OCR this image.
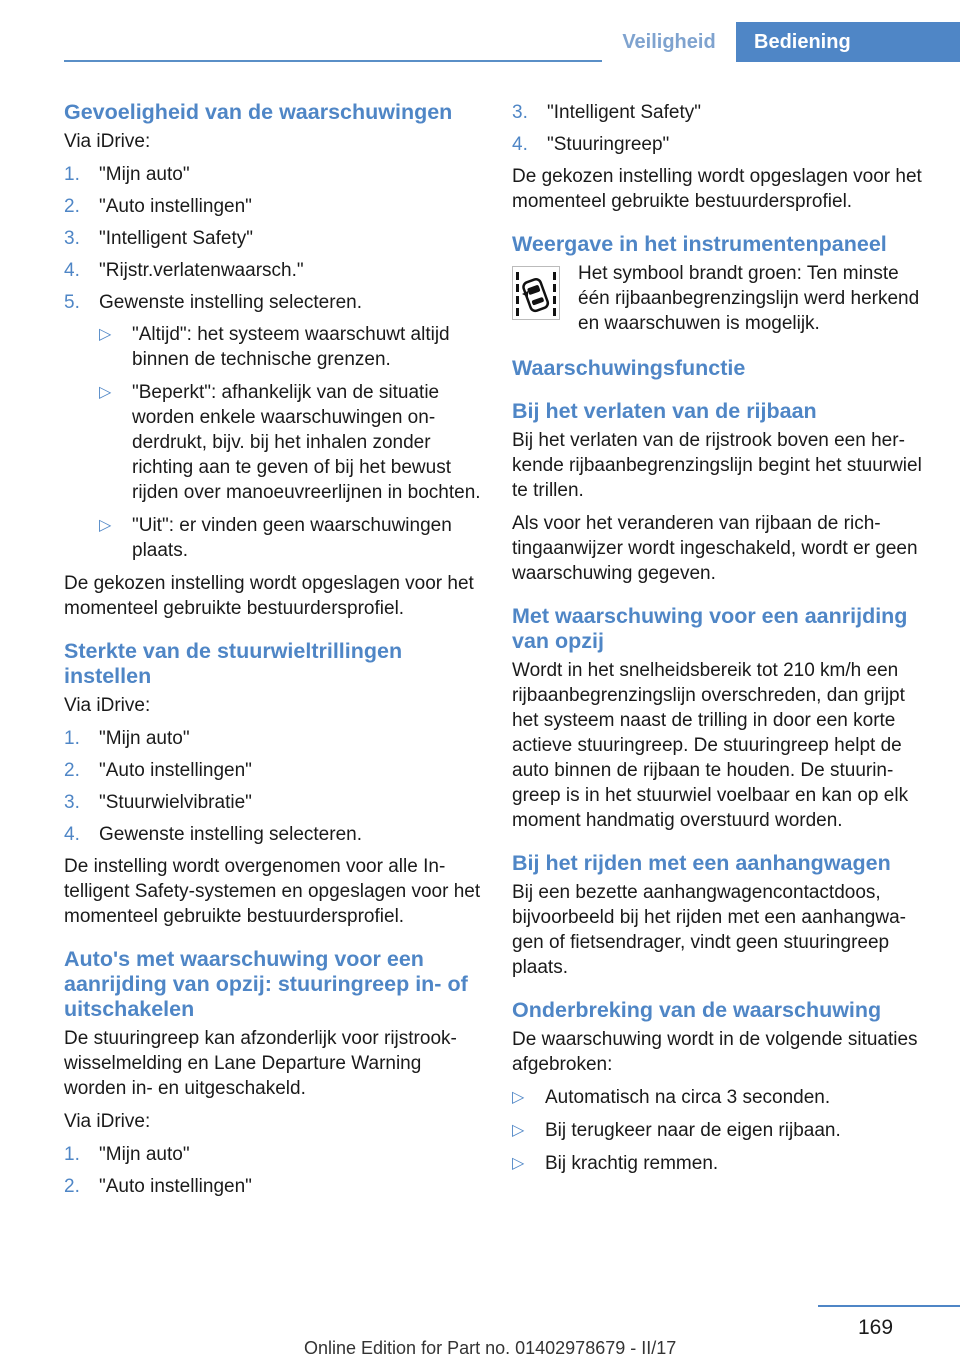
Veiligheid	Bediening
Gevoeligheid van de waarschuwingen

Via iDrive:

1. "Mijn auto"
2. "Auto instellingen"
3. "Intelligent Safety"
4. "Rijstr.verlatenwaarsch."
5. Gewenste instelling selecteren.
▷ "Altijd": het systeem waarschuwt altijd binnen de technische grenzen.
▷ "Beperkt": afhankelijk van de situatie worden enkele waarschuwingen onderdrukt, bijv. bij het inhalen zonder richting aan te geven of bij het bewust rijden over manoeuvreerlijnen in bochten.
▷ "Uit": er vinden geen waarschuwingen plaats.

De gekozen instelling wordt opgeslagen voor het momenteel gebruikte bestuurdersprofiel.

Sterkte van de stuurwieltrillingen instellen

Via iDrive:

1. "Mijn auto"
2. "Auto instellingen"
3. "Stuurwielvibratie"
4. Gewenste instelling selecteren.

De instelling wordt overgenomen voor alle Intelligent Safety-systemen en opgeslagen voor het momenteel gebruikte bestuurdersprofiel.

Auto's met waarschuwing voor een aanrijding van opzij: stuuringreep in- of uitschakelen

De stuuringreep kan afzonderlijk voor rijstrookwisselmelding en Lane Departure Warning worden in- en uitgeschakeld.

Via iDrive:

1. "Mijn auto"
2. "Auto instellingen"
3. "Intelligent Safety"
4. "Stuuringreep"

De gekozen instelling wordt opgeslagen voor het momenteel gebruikte bestuurdersprofiel.

Weergave in het instrumentenpaneel

Het symbool brandt groen: Ten minste één rijbaanbegrenzingslijn werd herkend en waarschuwen is mogelijk.

Waarschuwingsfunctie
Bij het verlaten van de rijbaan

Bij het verlaten van de rijstrook boven een herkende rijbaanbegrenzingslijn begint het stuurwiel te trillen.

Als voor het veranderen van rijbaan de richtingaanwijzer wordt ingeschakeld, wordt er geen waarschuwing gegeven.

Met waarschuwing voor een aanrijding van opzij

Wordt in het snelheidsbereik tot 210 km/h een rijbaanbegrenzingslijn overschreden, dan grijpt het systeem naast de trilling in door een korte actieve stuuringreep. De stuuringreep helpt de auto binnen de rijbaan te houden. De stuuringreep is in het stuurwiel voelbaar en kan op elk moment handmatig overstuurd worden.

Bij het rijden met een aanhangwagen

Bij een bezette aanhangwagencontactdoos, bijvoorbeeld bij het rijden met een aanhangwagen of fietsendrager, vindt geen stuuringreep plaats.

Onderbreking van de waarschuwing

De waarschuwing wordt in de volgende situaties afgebroken:

▷ Automatisch na circa 3 seconden.
▷ Bij terugkeer naar de eigen rijbaan.
▷ Bij krachtig remmen.
169
Online Edition for Part no. 01402978679 - II/17
